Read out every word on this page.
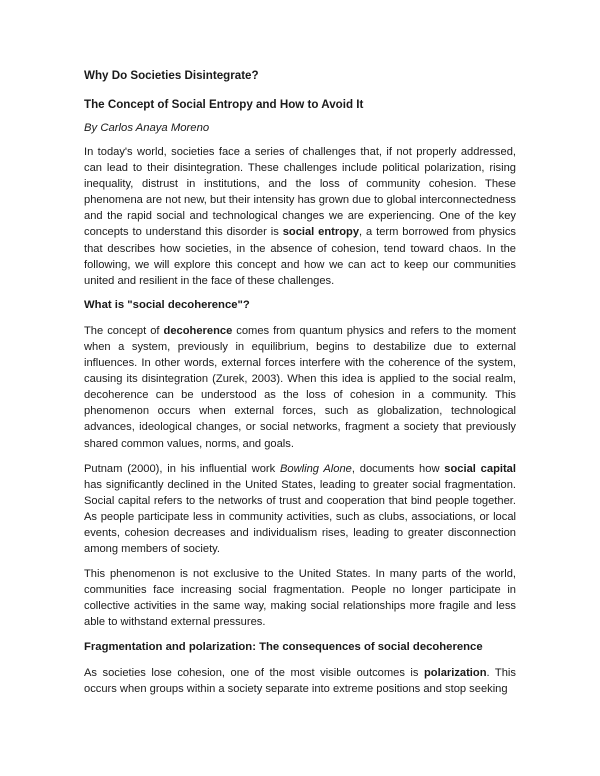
Why Do Societies Disintegrate?

The Concept of Social Entropy and How to Avoid It

By Carlos Anaya Moreno

In today's world, societies face a series of challenges that, if not properly addressed, can lead to their disintegration. These challenges include political polarization, rising inequality, distrust in institutions, and the loss of community cohesion. These phenomena are not new, but their intensity has grown due to global interconnectedness and the rapid social and technological changes we are experiencing. One of the key concepts to understand this disorder is social entropy, a term borrowed from physics that describes how societies, in the absence of cohesion, tend toward chaos. In the following, we will explore this concept and how we can act to keep our communities united and resilient in the face of these challenges.

What is "social decoherence"?

The concept of decoherence comes from quantum physics and refers to the moment when a system, previously in equilibrium, begins to destabilize due to external influences. In other words, external forces interfere with the coherence of the system, causing its disintegration (Zurek, 2003). When this idea is applied to the social realm, decoherence can be understood as the loss of cohesion in a community. This phenomenon occurs when external forces, such as globalization, technological advances, ideological changes, or social networks, fragment a society that previously shared common values, norms, and goals.

Putnam (2000), in his influential work Bowling Alone, documents how social capital has significantly declined in the United States, leading to greater social fragmentation. Social capital refers to the networks of trust and cooperation that bind people together. As people participate less in community activities, such as clubs, associations, or local events, cohesion decreases and individualism rises, leading to greater disconnection among members of society.

This phenomenon is not exclusive to the United States. In many parts of the world, communities face increasing social fragmentation. People no longer participate in collective activities in the same way, making social relationships more fragile and less able to withstand external pressures.

Fragmentation and polarization: The consequences of social decoherence

As societies lose cohesion, one of the most visible outcomes is polarization. This occurs when groups within a society separate into extreme positions and stop seeking
